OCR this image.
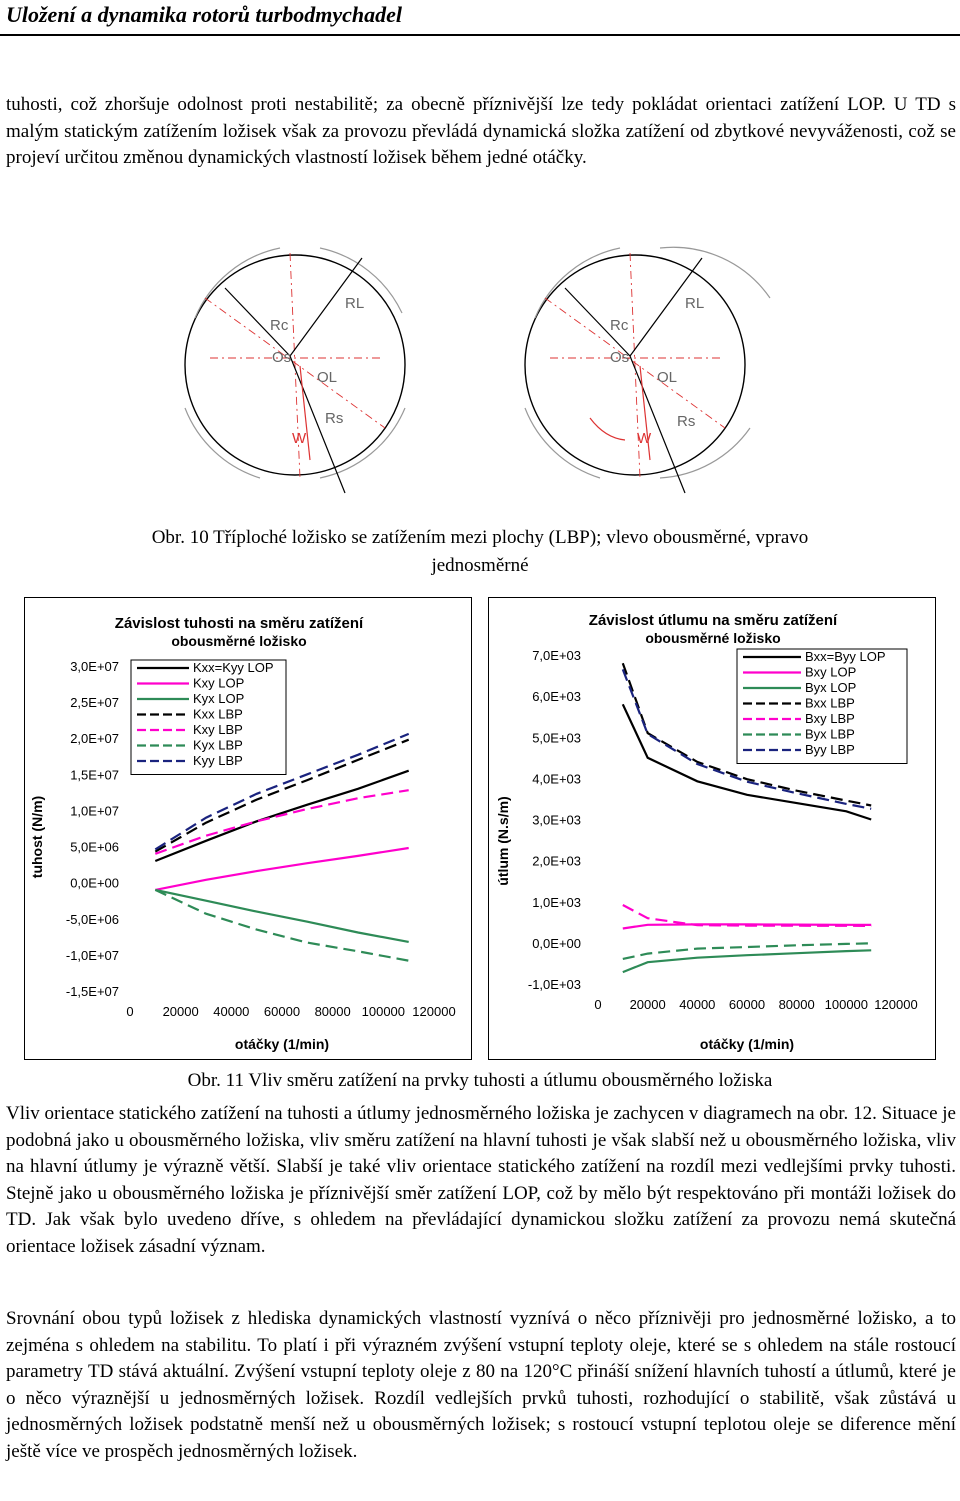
Uložení a dynamika rotorů turbodmychadel
tuhosti, což zhoršuje odolnost proti nestabilitě; za obecně příznivější lze tedy pokládat orientaci zatížení LOP. U TD s malým statickým zatížením ložisek však za provozu převládá dynamická složka zatížení od zbytkové nevyváženosti, což se projeví určitou změnou dynamických vlastností ložisek během jedné otáčky.
Rc
RL
Rs
Os
OL
W
Rc
RL
Rs
Os
OL
W
Obr. 10 Tříploché ložisko se zatížením mezi plochy (LBP); vlevo obousměrné, vpravo
jednosměrné
Závislost tuhosti na směru zatížení
obousměrné ložisko
tuhost (N/m)
otáčky (1/min)
3,0E+07
2,5E+07
2,0E+07
1,5E+07
1,0E+07
5,0E+06
0,0E+00
-5,0E+06
-1,0E+07
-1,5E+07
0 20000 40000 60000 80000 100000 120000
Kxx=Kyy LOP
Kxy LOP
Kyx LOP
Kxx LBP
Kxy LBP
Kyx LBP
Kyy LBP
Závislost útlumu na směru zatížení
obousměrné ložisko
útlum (N.s/m)
otáčky (1/min)
7,0E+03
6,0E+03
5,0E+03
4,0E+03
3,0E+03
2,0E+03
1,0E+03
0,0E+00
-1,0E+03
0 20000 40000 60000 80000 100000 120000
Bxx=Byy LOP
Bxy LOP
Byx LOP
Bxx LBP
Bxy LBP
Byx LBP
Byy LBP
Obr. 11 Vliv směru zatížení na prvky tuhosti a útlumu obousměrného ložiska
Vliv orientace statického zatížení na tuhosti a útlumy jednosměrného ložiska je zachycen v diagramech na obr. 12. Situace je podobná jako u obousměrného ložiska, vliv směru zatížení na hlavní tuhosti je však slabší než u obousměrného ložiska, vliv na hlavní útlumy je výrazně větší. Slabší je také vliv orientace statického zatížení na rozdíl mezi vedlejšími prvky tuhosti. Stejně jako u obousměrného ložiska je příznivější směr zatížení LOP, což by mělo být respektováno při montáži ložisek do TD. Jak však bylo uvedeno dříve, s ohledem na převládající dynamickou složku zatížení za provozu nemá skutečná orientace ložisek zásadní význam.
Srovnání obou typů ložisek z hlediska dynamických vlastností vyznívá o něco příznivěji pro jednosměrné ložisko, a to zejména s ohledem na stabilitu. To platí i při výrazném zvýšení vstupní teploty oleje, které se s ohledem na stále rostoucí parametry TD stává aktuální. Zvýšení vstupní teploty oleje z 80 na 120°C přináší snížení hlavních tuhostí a útlumů, které je o něco výraznější u jednosměrných ložisek. Rozdíl vedlejších prvků tuhosti, rozhodující o stabilitě, však zůstává u jednosměrných ložisek podstatně menší než u obousměrných ložisek; s rostoucí vstupní teplotou oleje se diference mění ještě více ve prospěch jednosměrných ložisek.
